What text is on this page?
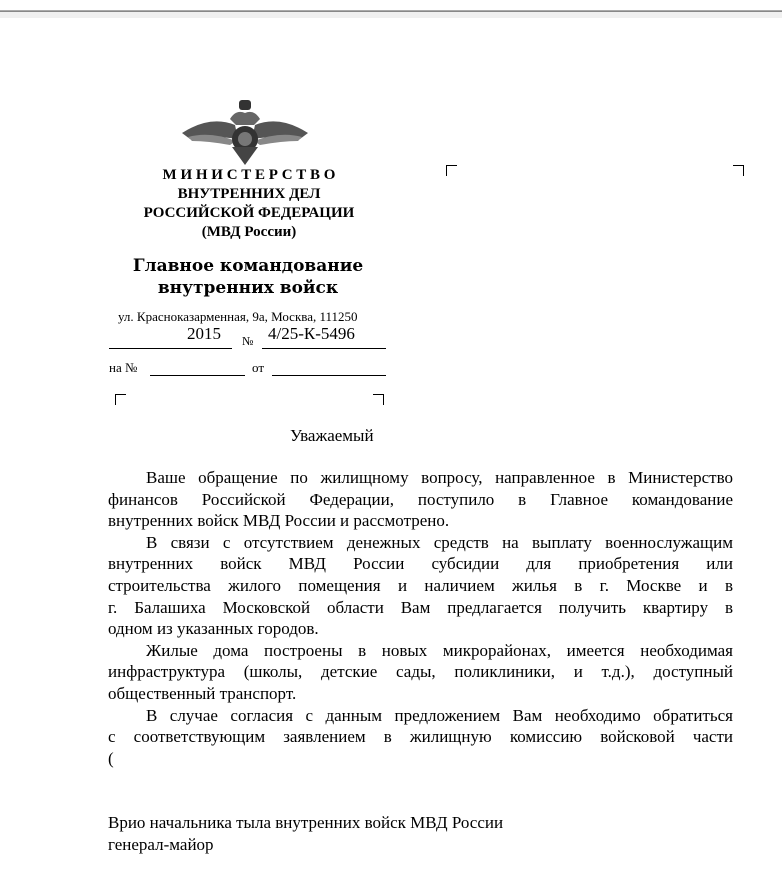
М И Н И С Т Е Р С Т В О
ВНУТРЕННИХ ДЕЛ
РОССИЙСКОЙ ФЕДЕРАЦИИ
(МВД России)
Главное командование
внутренних войск
ул. Красноказарменная, 9а, Москва, 111250
2015 № 4/25-К-5496
на №	от
Уважаемый
Ваше обращение по жилищному вопросу, направленное в Министерство
финансов Российской Федерации, поступило в Главное командование
внутренних войск МВД России и рассмотрено.
В связи с отсутствием денежных средств на выплату военнослужащим
внутренних войск МВД России субсидии для приобретения или
строительства жилого помещения и наличием жилья в г. Москве и в
г. Балашиха Московской области Вам предлагается получить квартиру в
одном из указанных городов.
Жилые дома построены в новых микрорайонах, имеется необходимая
инфраструктура (школы, детские сады, поликлиники, и т.д.), доступный
общественный транспорт.
В случае согласия с данным предложением Вам необходимо обратиться
с соответствующим заявлением в жилищную комиссию войсковой части
(
Врио начальника тыла внутренних войск МВД России
генерал-майор
